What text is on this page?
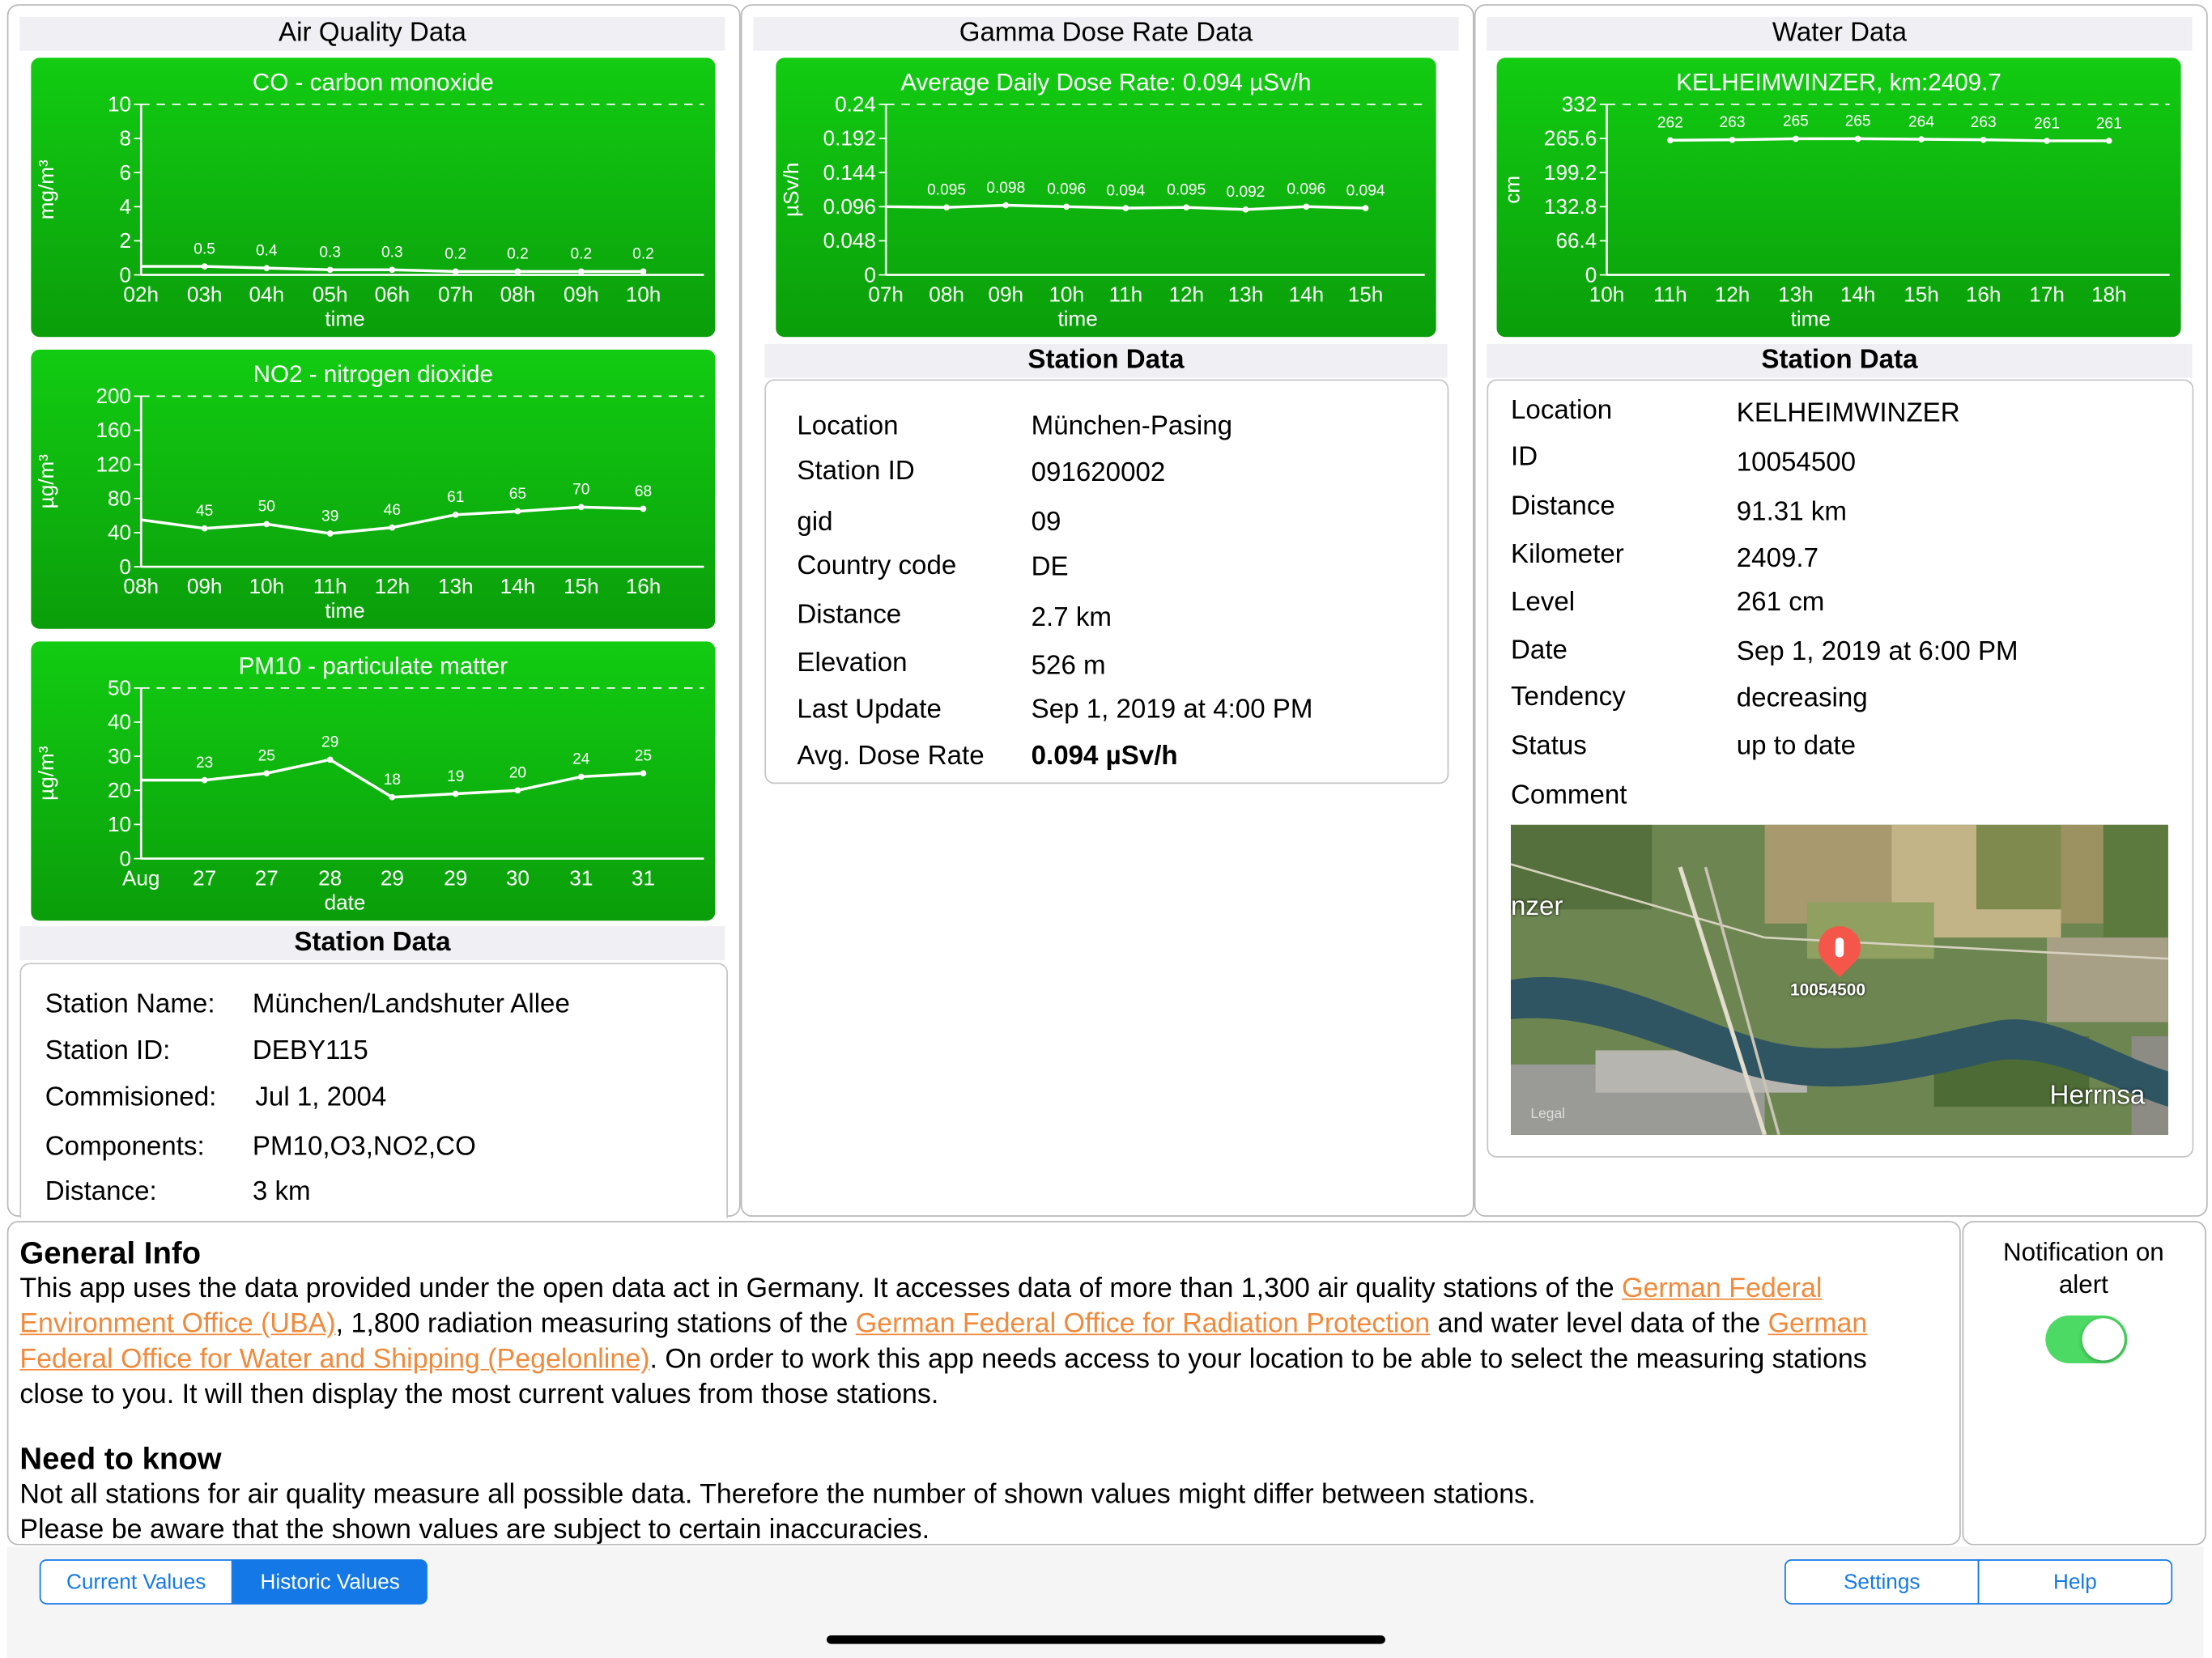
Air Quality Data	Gamma Dose Rate Data	Water Data
CO - carbon monoxide
mg/m³
0
2
4
6
8
10
02h 03h 04h 05h 06h 07h 08h 09h 10h
time
0.5	0.4	0.3	0.3	0.2	0.2	0.2	0.2
NO2 - nitrogen dioxide
µg/m³
0
40
80
120
160
200
08h 09h 10h 11h 12h 13h 14h 15h 16h
time
45	50
39	46
61	65	70	68
PM10 - particulate matter
µg/m³
0
10
20
30
40
50
Aug	27	27	28	29	29	30	31	31
date
23	25
29
18	19	20
24	25
Average Daily Dose Rate: 0.094 µSv/h
µSv/h
0
0.048
0.096
0.144
0.192
0.24
07h 08h 09h 10h 11h 12h 13h 14h 15h
time
0.095 0.098 0.096 0.094 0.095 0.092 0.096 0.094
KELHEIMWINZER, km:2409.7
cm
0
66.4
132.8
199.2
265.6
332
10h 11h 12h 13h 14h 15h 16h 17h 18h
time
262	263	265	265	264	263	261	261
Station Data
Station Name: München/Landshuter Allee
Station ID:	DEBY115
Commisioned:	Jul 1, 2004
Components:	PM10,O3,NO2,CO
Distance:	3 km
Station Data
Location	München-Pasing
Station ID	091620002
gid	09
Country code	DE
Distance	2.7 km
Elevation	526 m
Last Update	Sep 1, 2019 at 4:00 PM
Avg. Dose Rate	0.094 µSv/h
Station Data
Location	KELHEIMWINZER
ID	10054500
Distance	91.31 km
Kilometer	2409.7
Level	261 cm
Date	Sep 1, 2019 at 6:00 PM
Tendency	decreasing
Status	up to date
Comment
nzer
Herrnsa
Legal
10054500
General Info
This app uses the data provided under the open data act in Germany. It accesses data of more than 1,300 air quality stations of the German Federal Environment Office (UBA), 1,800 radiation measuring stations of the German Federal Office for Radiation Protection and water level data of the German Federal Office for Water and Shipping (Pegelonline). On order to work this app needs access to your location to be able to select the measuring stations close to you. It will then display the most current values from those stations.
Need to know
Not all stations for air quality measure all possible data. Therefore the number of shown values might differ between stations.
Please be aware that the shown values are subject to certain inaccuracies.
Notification on alert
Current Values	Historic Values	Settings	Help
